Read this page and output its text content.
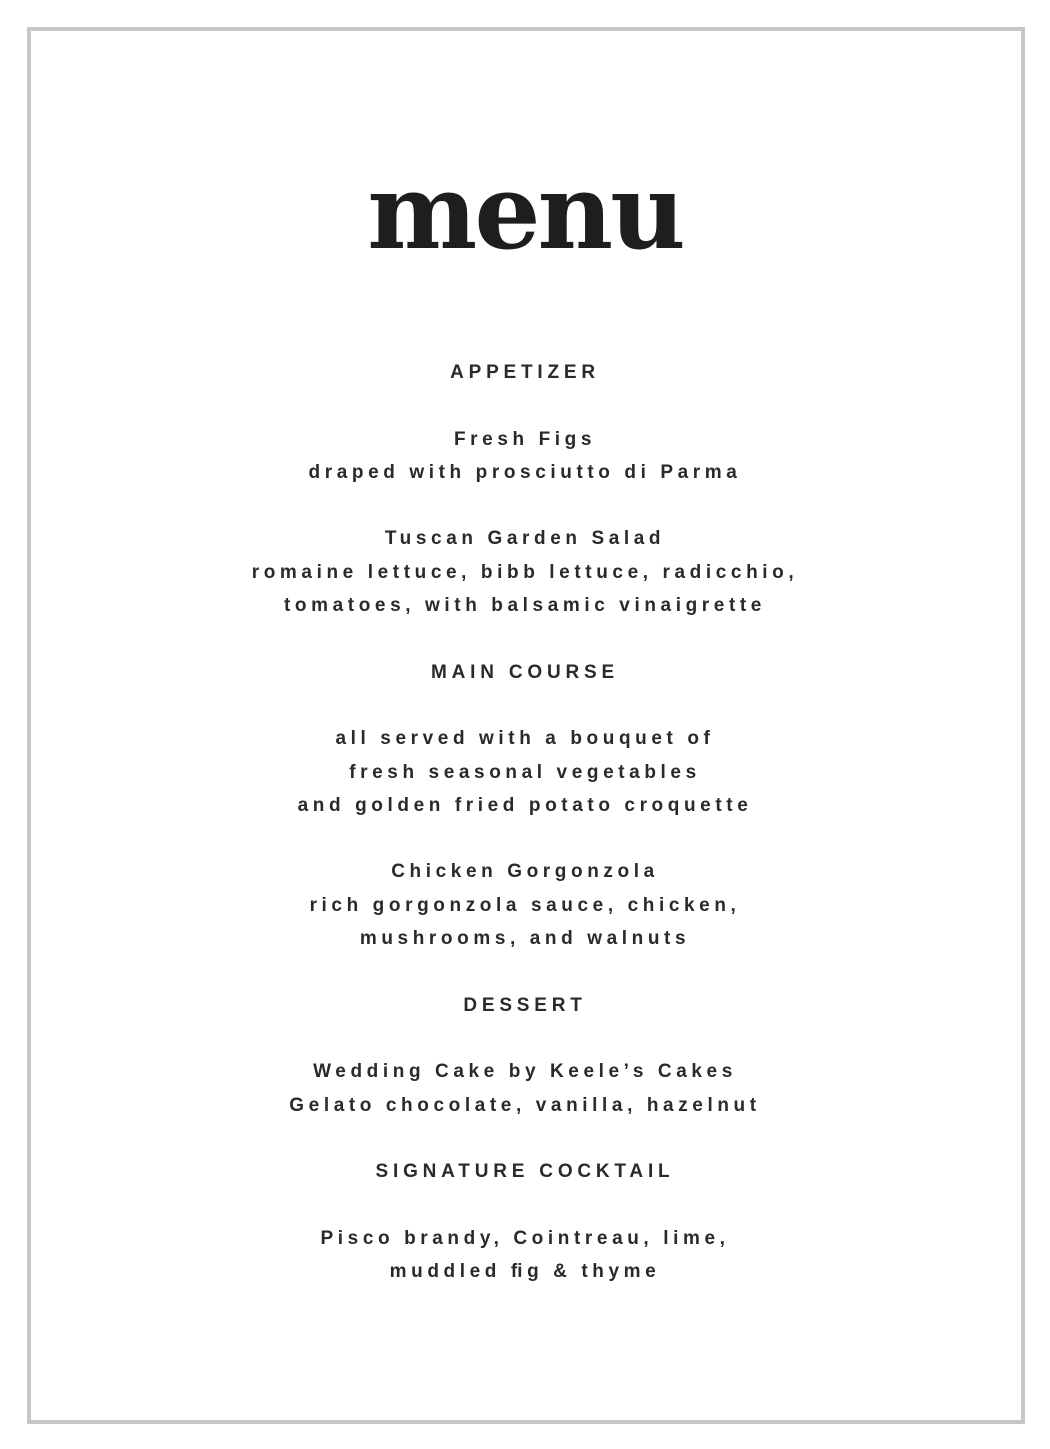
menu
APPETIZER
Fresh Figs
draped with prosciutto di Parma
Tuscan Garden Salad
romaine lettuce, bibb lettuce, radicchio,
tomatoes, with balsamic vinaigrette
MAIN COURSE
all served with a bouquet of
fresh seasonal vegetables
and golden fried potato croquette
Chicken Gorgonzola
rich gorgonzola sauce, chicken,
mushrooms, and walnuts
DESSERT
Wedding Cake by Keele’s Cakes
Gelato chocolate, vanilla, hazelnut
SIGNATURE COCKTAIL
Pisco brandy, Cointreau, lime,
muddled ﬁg & thyme
